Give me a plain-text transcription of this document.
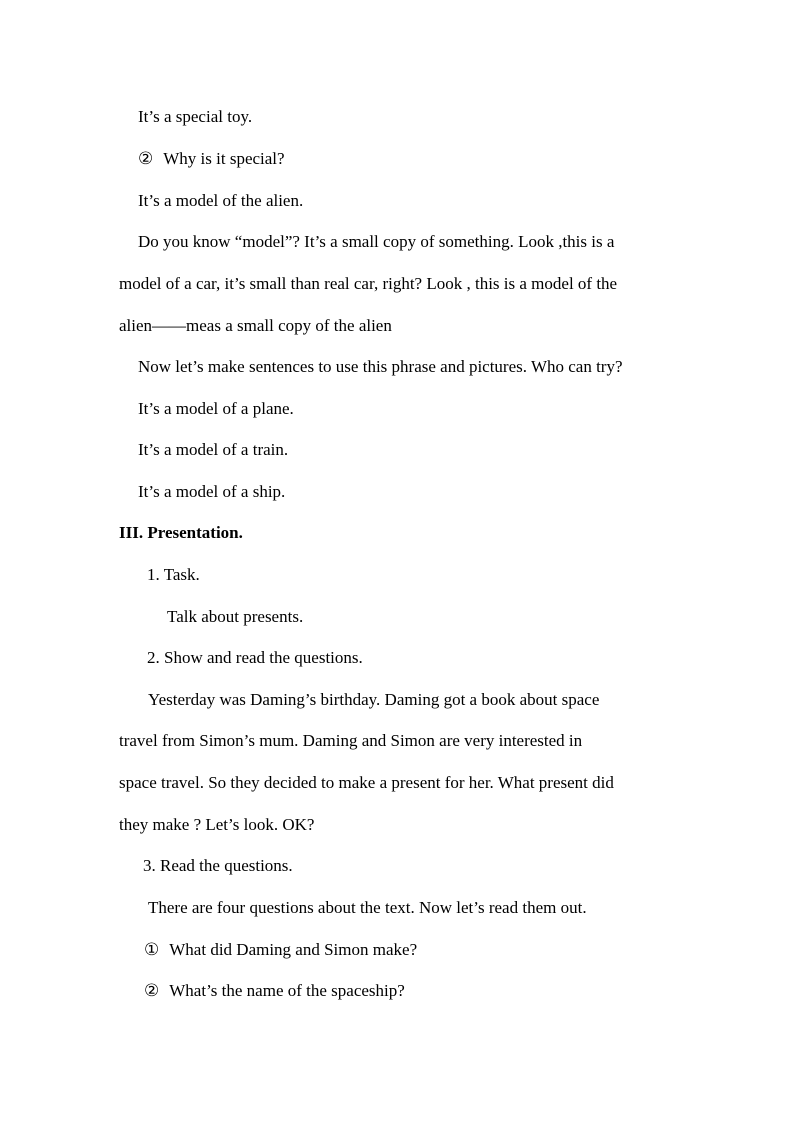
It’s a special toy.
② Why is it special?
It’s a model of the alien.
Do you know “model”? It’s a small copy of something. Look ,this is a
model of a car, it’s small than real car, right? Look , this is a model of the
alien——meas a small copy of the alien
Now let’s make sentences to use this phrase and pictures. Who can try?
It’s a model of a plane.
It’s a model of a train.
It’s a model of a ship.
III. Presentation.
1. Task.
Talk about presents.
2. Show and read the questions.
Yesterday was Daming’s birthday. Daming got a book about space
travel from Simon’s mum. Daming and Simon are very interested in
space travel. So they decided to make a present for her. What present did
they make ? Let’s look. OK?
3. Read the questions.
There are four questions about the text. Now let’s read them out.
① What did Daming and Simon make?
② What’s the name of the spaceship?
